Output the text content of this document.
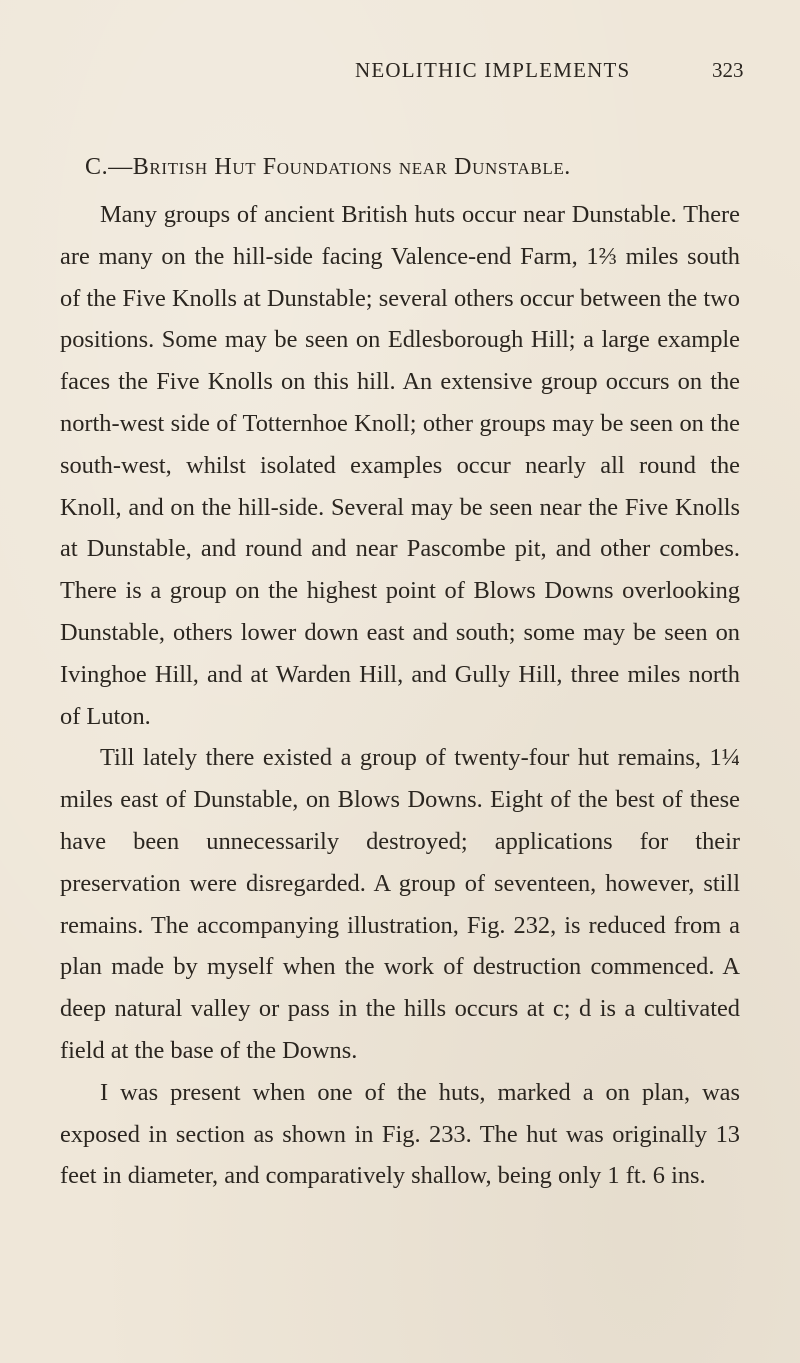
NEOLITHIC IMPLEMENTS	323
C.—British Hut Foundations near Dunstable.

Many groups of ancient British huts occur near Dunstable. There are many on the hill-side facing Valence-end Farm, 1⅔ miles south of the Five Knolls at Dunstable; several others occur between the two positions. Some may be seen on Edlesborough Hill; a large example faces the Five Knolls on this hill. An extensive group occurs on the north-west side of Totternhoe Knoll; other groups may be seen on the south-west, whilst isolated examples occur nearly all round the Knoll, and on the hill-side. Several may be seen near the Five Knolls at Dunstable, and round and near Pascombe pit, and other combes. There is a group on the highest point of Blows Downs overlooking Dunstable, others lower down east and south; some may be seen on Ivinghoe Hill, and at Warden Hill, and Gully Hill, three miles north of Luton.

Till lately there existed a group of twenty-four hut remains, 1¼ miles east of Dunstable, on Blows Downs. Eight of the best of these have been unnecessarily destroyed; applications for their preservation were disregarded. A group of seventeen, however, still remains. The accompanying illustration, Fig. 232, is reduced from a plan made by myself when the work of destruction commenced. A deep natural valley or pass in the hills occurs at c; d is a cultivated field at the base of the Downs.

I was present when one of the huts, marked a on plan, was exposed in section as shown in Fig. 233. The hut was originally 13 feet in diameter, and comparatively shallow, being only 1 ft. 6 ins.
